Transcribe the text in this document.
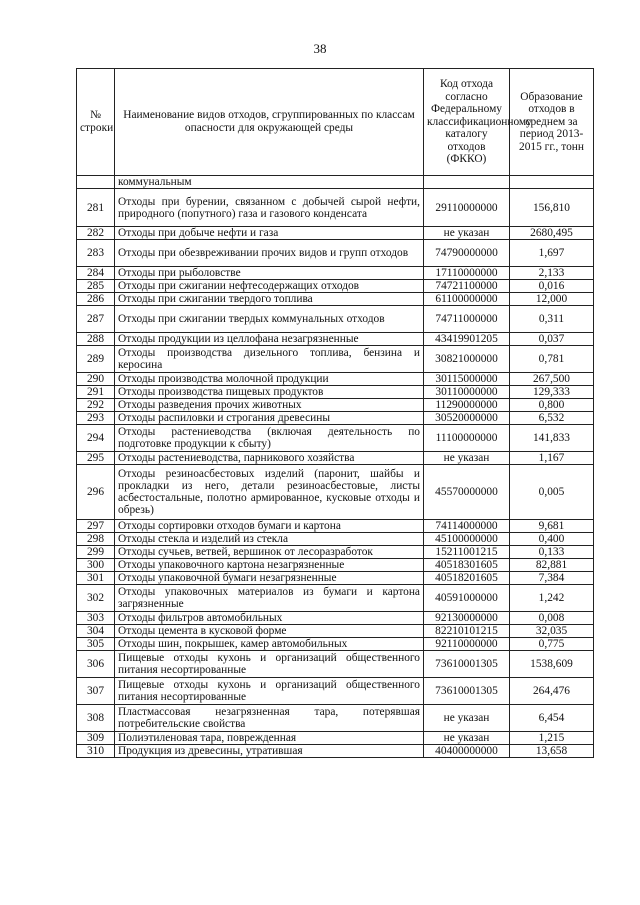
38
№ строки	Наименование видов отходов, сгруппированных по классам опасности для окружающей среды	Код отхода согласно Федеральному классификационному каталогу отходов (ФККО)	Образование отходов в среднем за период 2013-2015 гг., тонн
	коммунальным		
281	Отходы при бурении, связанном с добычей сырой нефти, природного (попутного) газа и газового конденсата	29110000000	156,810
282	Отходы при добыче нефти и газа	не указан	2680,495
283	Отходы при обезвреживании прочих видов и групп отходов	74790000000	1,697
284	Отходы при рыболовстве	17110000000	2,133
285	Отходы при сжигании нефтесодержащих отходов	74721100000	0,016
286	Отходы при сжигании твердого топлива	61100000000	12,000
287	Отходы при сжигании твердых коммунальных отходов	74711000000	0,311
288	Отходы продукции из целлофана незагрязненные	43419901205	0,037
289	Отходы производства дизельного топлива, бензина и керосина	30821000000	0,781
290	Отходы производства молочной продукции	30115000000	267,500
291	Отходы производства пищевых продуктов	30110000000	129,333
292	Отходы разведения прочих животных	11290000000	0,800
293	Отходы распиловки и строгания древесины	30520000000	6,532
294	Отходы растениеводства (включая деятельность по подготовке продукции к сбыту)	11100000000	141,833
295	Отходы растениеводства, парникового хозяйства	не указан	1,167
296	Отходы резиноасбестовых изделий (паронит, шайбы и прокладки из него, детали резиноасбестовые, листы асбестостальные, полотно армированное, кусковые отходы и обрезь)	45570000000	0,005
297	Отходы сортировки отходов бумаги и картона	74114000000	9,681
298	Отходы стекла и изделий из стекла	45100000000	0,400
299	Отходы сучьев, ветвей, вершинок от лесоразработок	15211001215	0,133
300	Отходы упаковочного картона незагрязненные	40518301605	82,881
301	Отходы упаковочной бумаги незагрязненные	40518201605	7,384
302	Отходы упаковочных материалов из бумаги и картона загрязненные	40591000000	1,242
303	Отходы фильтров автомобильных	92130000000	0,008
304	Отходы цемента в кусковой форме	82210101215	32,035
305	Отходы шин, покрышек, камер автомобильных	92110000000	0,775
306	Пищевые отходы кухонь и организаций общественного питания несортированные	73610001305	1538,609
307	Пищевые отходы кухонь и организаций общественного питания несортированные	73610001305	264,476
308	Пластмассовая незагрязненная тара, потерявшая потребительские свойства	не указан	6,454
309	Полиэтиленовая тара, поврежденная	не указан	1,215
310	Продукция из древесины, утратившая	40400000000	13,658
